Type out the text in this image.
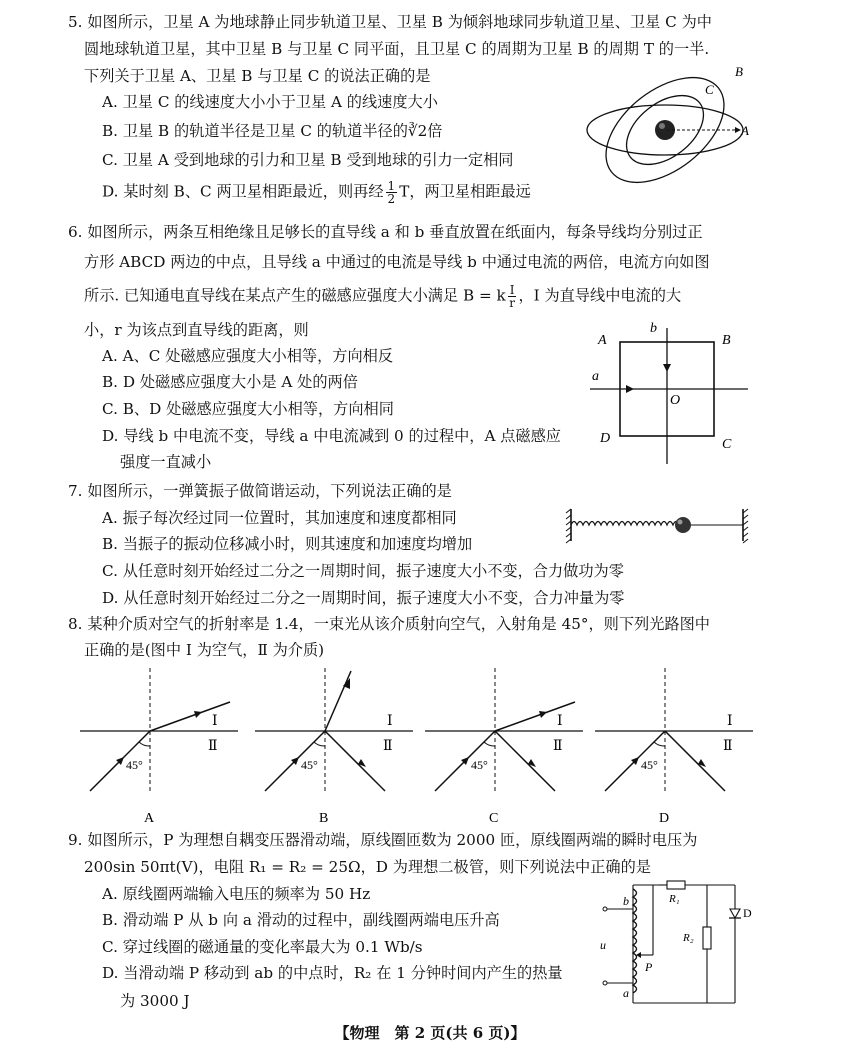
5. 如图所示，卫星 A 为地球静止同步轨道卫星、卫星 B 为倾斜地球同步轨道卫星、卫星 C 为中
圆地球轨道卫星，其中卫星 B 与卫星 C 同平面，且卫星 C 的周期为卫星 B 的周期 T 的一半.
下列关于卫星 A、卫星 B 与卫星 C 的说法正确的是
A. 卫星 C 的线速度大小小于卫星 A 的线速度大小
B. 卫星 B 的轨道半径是卫星 C 的轨道半径的∛2倍
C. 卫星 A 受到地球的引力和卫星 B 受到地球的引力一定相同
D. 某时刻 B、C 两卫星相距最近，则再经 $\frac{1}{2}$ T，两卫星相距最远
B
C
A
6. 如图所示，两条互相绝缘且足够长的直导线 a 和 b 垂直放置在纸面内，每条导线均分别过正
方形 ABCD 两边的中点，且导线 a 中通过的电流是导线 b 中通过电流的两倍，电流方向如图
所示. 已知通电直导线在某点产生的磁感应强度大小满足 B = k $\frac{I}{r}$ ，I 为直导线中电流的大
小，r 为该点到直导线的距离，则
A. A、C 处磁感应强度大小相等，方向相反
B. D 处磁感应强度大小是 A 处的两倍
C. B、D 处磁感应强度大小相等，方向相同
D. 导线 b 中电流不变，导线 a 中电流减到 0 的过程中，A 点磁感应
强度一直减小
A	B
C
D
O
a
b
7. 如图所示，一弹簧振子做简谐运动，下列说法正确的是
A. 振子每次经过同一位置时，其加速度和速度都相同
B. 当振子的振动位移减小时，则其速度和加速度均增加
C. 从任意时刻开始经过二分之一周期时间，振子速度大小不变，合力做功为零
D. 从任意时刻开始经过二分之一周期时间，振子速度大小不变，合力冲量为零
8. 某种介质对空气的折射率是 1.4，一束光从该介质射向空气，入射角是 45°，则下列光路图中
正确的是(图中 Ⅰ 为空气，Ⅱ 为介质)
45°
Ⅰ
Ⅱ
A
45°
Ⅰ
Ⅱ
B
45°
Ⅰ
Ⅱ
C
45°
Ⅰ
Ⅱ
D
9. 如图所示，P 为理想自耦变压器滑动端，原线圈匝数为 2000 匝，原线圈两端的瞬时电压为
200sin 50πt(V)，电阻 R₁ = R₂ = 25Ω，D 为理想二极管，则下列说法中正确的是
A. 原线圈两端输入电压的频率为 50 Hz
B. 滑动端 P 从 b 向 a 滑动的过程中，副线圈两端电压升高
C. 穿过线圈的磁通量的变化率最大为 0.1 Wb/s
D. 当滑动端 P 移动到 ab 的中点时，R₂ 在 1 分钟时间内产生的热量
为 3000 J
u
b
a
P
R₁
R₂
D
【物理　第 2 页(共 6 页)】
